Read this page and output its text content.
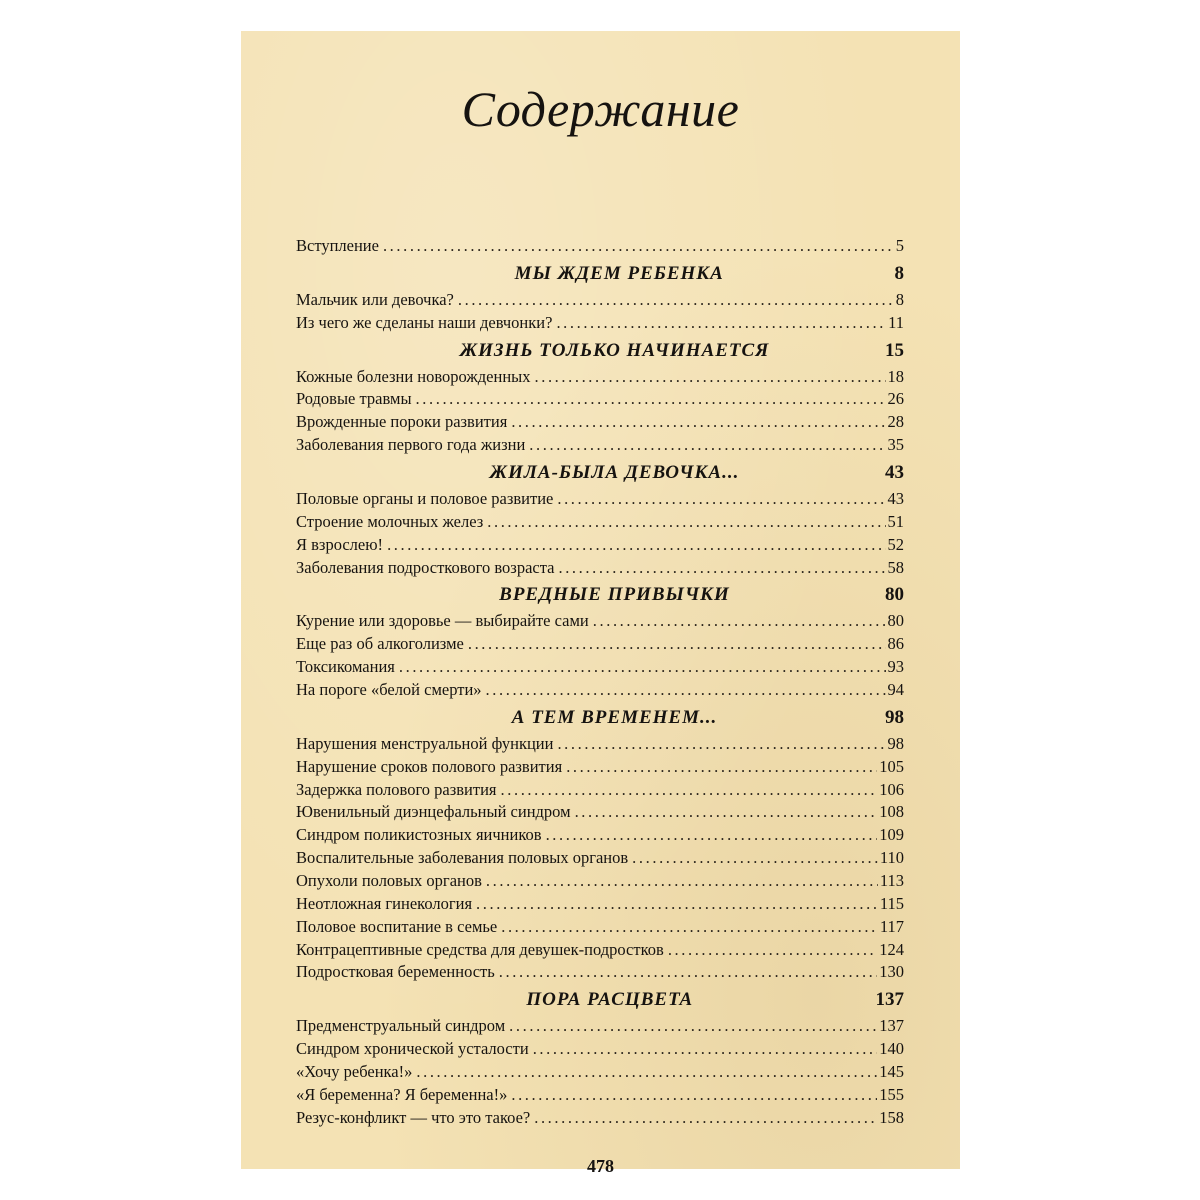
Содержание
Вступление .....	5
МЫ ЖДЕМ РЕБЕНКА	8
Мальчик или девочка? .....	8
Из чего же сделаны наши девчонки? .....	11
ЖИЗНЬ ТОЛЬКО НАЧИНАЕТСЯ	15
Кожные болезни новорожденных .....	18
Родовые травмы .....	26
Врожденные пороки развития .....	28
Заболевания первого года жизни .....	35
ЖИЛА-БЫЛА ДЕВОЧКА...	43
Половые органы и половое развитие .....	43
Строение молочных желез .....	51
Я взрослею! .....	52
Заболевания подросткового возраста .....	58
ВРЕДНЫЕ ПРИВЫЧКИ	80
Курение или здоровье — выбирайте сами .....	80
Еще раз об алкоголизме .....	86
Токсикомания .....	93
На пороге «белой смерти» .....	94
А ТЕМ ВРЕМЕНЕМ...	98
Нарушения менструальной функции .....	98
Нарушение сроков полового развития .....	105
Задержка полового развития .....	106
Ювенильный диэнцефальный синдром .....	108
Синдром поликистозных яичников .....	109
Воспалительные заболевания половых органов .....	110
Опухоли половых органов .....	113
Неотложная гинекология .....	115
Половое воспитание в семье .....	117
Контрацептивные средства для девушек-подростков .....	124
Подростковая беременность .....	130
ПОРА РАСЦВЕТА	137
Предменструальный синдром .....	137
Синдром хронической усталости .....	140
«Хочу ребенка!» .....	145
«Я беременна? Я беременна!» .....	155
Резус-конфликт — что это такое? .....	158
478
